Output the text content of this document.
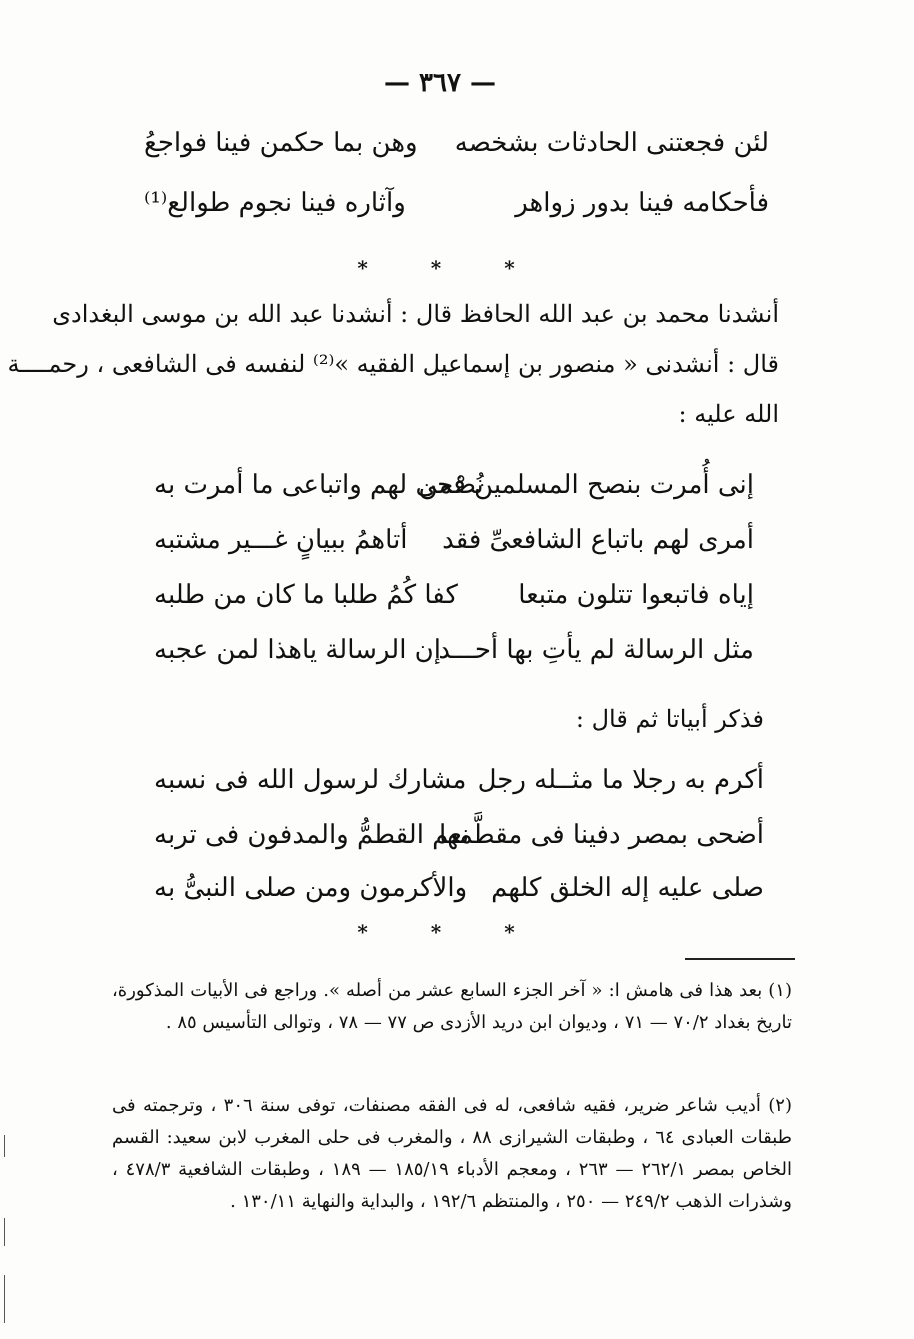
— ٣٦٧ —
لئن فجعتنى الحادثات بشخصه
وهن بما حكمن فينا فواجعُ
فأحكامه فينا بدور زواهر
وآثاره فينا نجوم طوالع⁽¹⁾
* * *
أنشدنا محمد بن عبد الله الحافظ قال : أنشدنا عبد الله بن موسى البغدادى
قال : أنشدنى « منصور بن إسماعيل الفقيه »⁽²⁾ لنفسه فى الشافعى ، رحمــــة
الله عليه :
إنى أُمرت بنصح المسلمين فمن
نُصْحى لهم واتباعى ما أمرت به
أمرى لهم باتباع الشافعىِّ فقد
أتاهمُ ببيانٍ غـــير مشتبه
إياه فاتبعوا تتلون متبعا
كفا كُمُ طلبا ما كان من طلبه
مثل الرسالة لم يأتِ بها أحـــد
إن الرسالة ياهذا لمن عجبه
فذكر أبياتا ثم قال :
أكرم به رجلا ما مثــله رجل
مشارك لرسول الله فى نسبه
أضحى بمصر دفينا فى مقطَّمها
نعم القطمُّ والمدفون فى تربه
صلى عليه إله الخلق كلهم
والأكرمون ومن صلى النبىُّ به
* * *
(١) بعد هذا فى هامش ا: « آخر الجزء السابع عشر من أصله ». وراجع فى الأبيات المذكورة، تاريخ بغداد ٧٠/٢ — ٧١ ، وديوان ابن دريد الأزدى ص ٧٧ — ٧٨ ، وتوالى التأسيس ٨٥ .
(٢) أديب شاعر ضرير، فقيه شافعى، له فى الفقه مصنفات، توفى سنة ٣٠٦ ، وترجمته فى طبقات العبادى ٦٤ ، وطبقات الشيرازى ٨٨ ، والمغرب فى حلى المغرب لابن سعيد: القسم الخاص بمصر ٢٦٢/١ — ٢٦٣ ، ومعجم الأدباء ١٨٥/١٩ — ١٨٩ ، وطبقات الشافعية ٤٧٨/٣ ، وشذرات الذهب ٢٤٩/٢ — ٢٥٠ ، والمنتظم ١٩٢/٦ ، والبداية والنهاية ١٣٠/١١ .
